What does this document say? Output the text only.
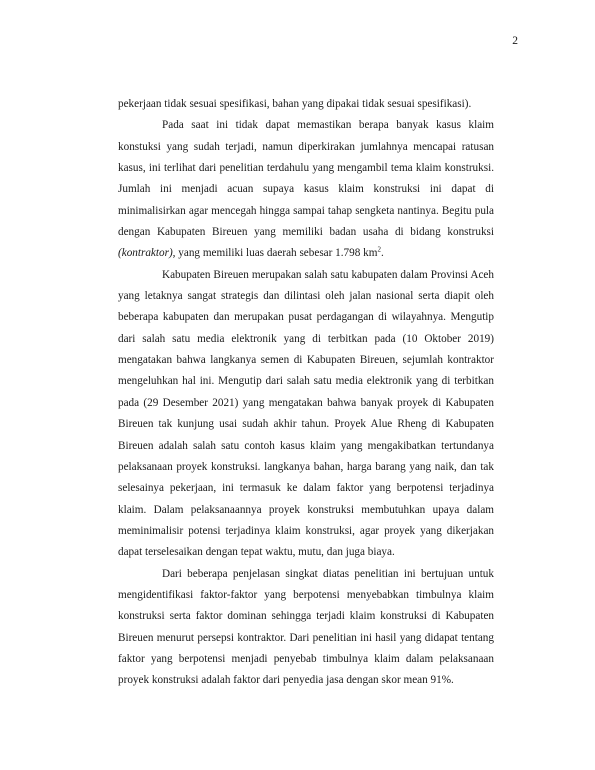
2

pekerjaan tidak sesuai spesifikasi, bahan yang dipakai tidak sesuai spesifikasi).

Pada saat ini tidak dapat memastikan berapa banyak kasus klaim konstuksi yang sudah terjadi, namun diperkirakan jumlahnya mencapai ratusan kasus, ini terlihat dari penelitian terdahulu yang mengambil tema klaim konstruksi. Jumlah ini menjadi acuan supaya kasus klaim konstruksi ini dapat di minimalisirkan agar mencegah hingga sampai tahap sengketa nantinya. Begitu pula dengan Kabupaten Bireuen yang memiliki badan usaha di bidang konstruksi (kontraktor), yang memiliki luas daerah sebesar 1.798 $km^2$.

Kabupaten Bireuen merupakan salah satu kabupaten dalam Provinsi Aceh yang letaknya sangat strategis dan dilintasi oleh jalan nasional serta diapit oleh beberapa kabupaten dan merupakan pusat perdagangan di wilayahnya. Mengutip dari salah satu media elektronik yang di terbitkan pada (10 Oktober 2019) mengatakan bahwa langkanya semen di Kabupaten Bireuen, sejumlah kontraktor mengeluhkan hal ini. Mengutip dari salah satu media elektronik yang di terbitkan pada (29 Desember 2021) yang mengatakan bahwa banyak proyek di Kabupaten Bireuen tak kunjung usai sudah akhir tahun. Proyek Alue Rheng di Kabupaten Bireuen adalah salah satu contoh kasus klaim yang mengakibatkan tertundanya pelaksanaan proyek konstruksi. langkanya bahan, harga barang yang naik, dan tak selesainya pekerjaan, ini termasuk ke dalam faktor yang berpotensi terjadinya klaim. Dalam pelaksanaannya proyek konstruksi membutuhkan upaya dalam meminimalisir potensi terjadinya klaim konstruksi, agar proyek yang dikerjakan dapat terselesaikan dengan tepat waktu, mutu, dan juga biaya.

Dari beberapa penjelasan singkat diatas penelitian ini bertujuan untuk mengidentifikasi faktor-faktor yang berpotensi menyebabkan timbulnya klaim konstruksi serta faktor dominan sehingga terjadi klaim konstruksi di Kabupaten Bireuen menurut persepsi kontraktor. Dari penelitian ini hasil yang didapat tentang faktor yang berpotensi menjadi penyebab timbulnya klaim dalam pelaksanaan proyek konstruksi adalah faktor dari penyedia jasa dengan skor mean 91%.
